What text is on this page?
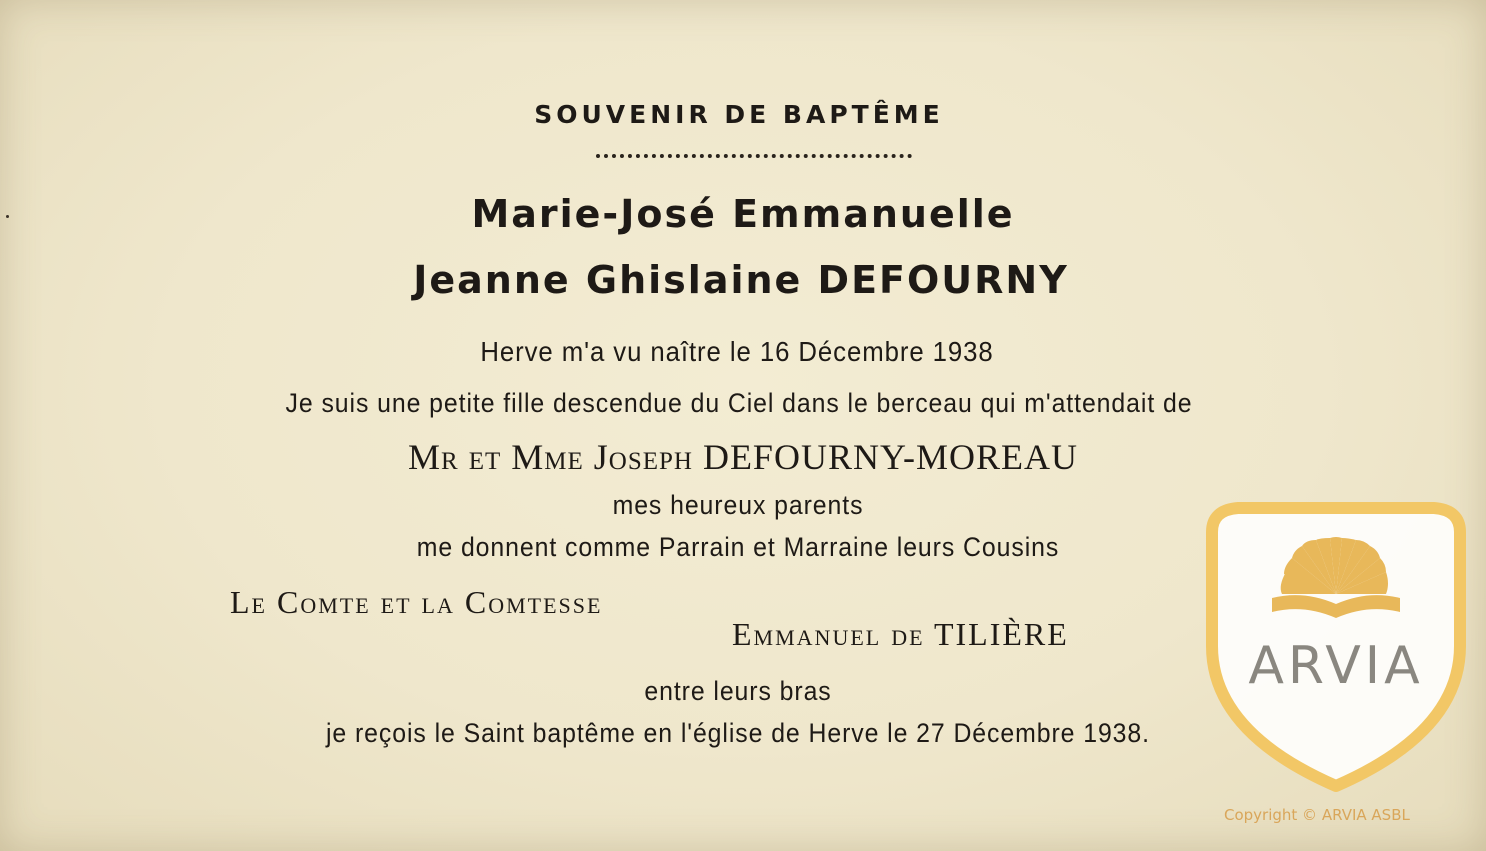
SOUVENIR DE BAPTÊME
Marie-José Emmanuelle
Jeanne Ghislaine DEFOURNY
Herve m'a vu naître le 16 Décembre 1938
Je suis une petite fille descendue du Ciel dans le berceau qui m'attendait de
Mr et Mme Joseph DEFOURNY-MOREAU
mes heureux parents
me donnent comme Parrain et Marraine leurs Cousins
Le Comte et la Comtesse
Emmanuel de TILIÈRE
entre leurs bras
je reçois le Saint baptême en l'église de Herve le 27 Décembre 1938.
ARVIA
Copyright © ARVIA ASBL
